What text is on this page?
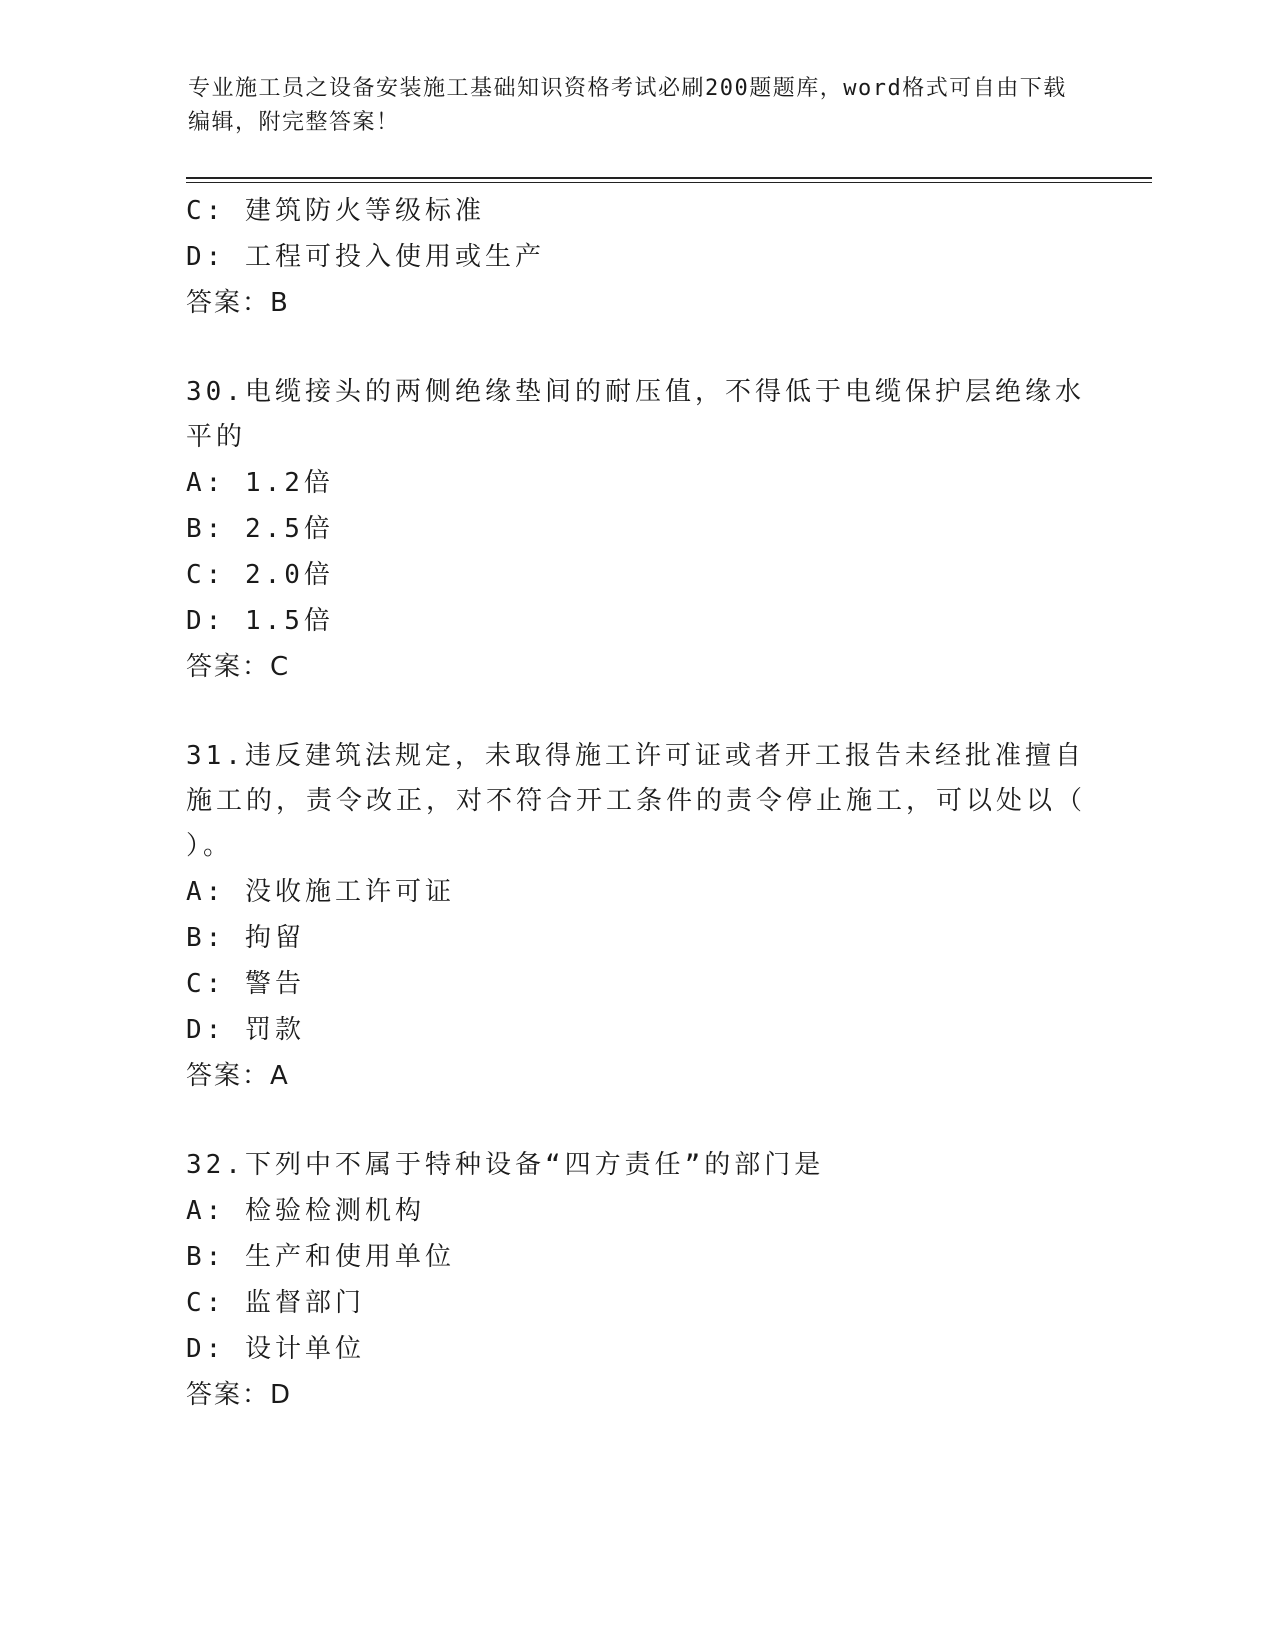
专业施工员之设备安装施工基础知识资格考试必刷200题题库，word格式可自由下载编辑，附完整答案！
C: 建筑防火等级标准
D: 工程可投入使用或生产
答案：B
30.电缆接头的两侧绝缘垫间的耐压值，不得低于电缆保护层绝缘水平的
A: 1.2倍
B: 2.5倍
C: 2.0倍
D: 1.5倍
答案：C
31.违反建筑法规定，未取得施工许可证或者开工报告未经批准擅自施工的，责令改正，对不符合开工条件的责令停止施工，可以处以（ ）。
A: 没收施工许可证
B: 拘留
C: 警告
D: 罚款
答案：A
32.下列中不属于特种设备“四方责任”的部门是
A: 检验检测机构
B: 生产和使用单位
C: 监督部门
D: 设计单位
答案：D
